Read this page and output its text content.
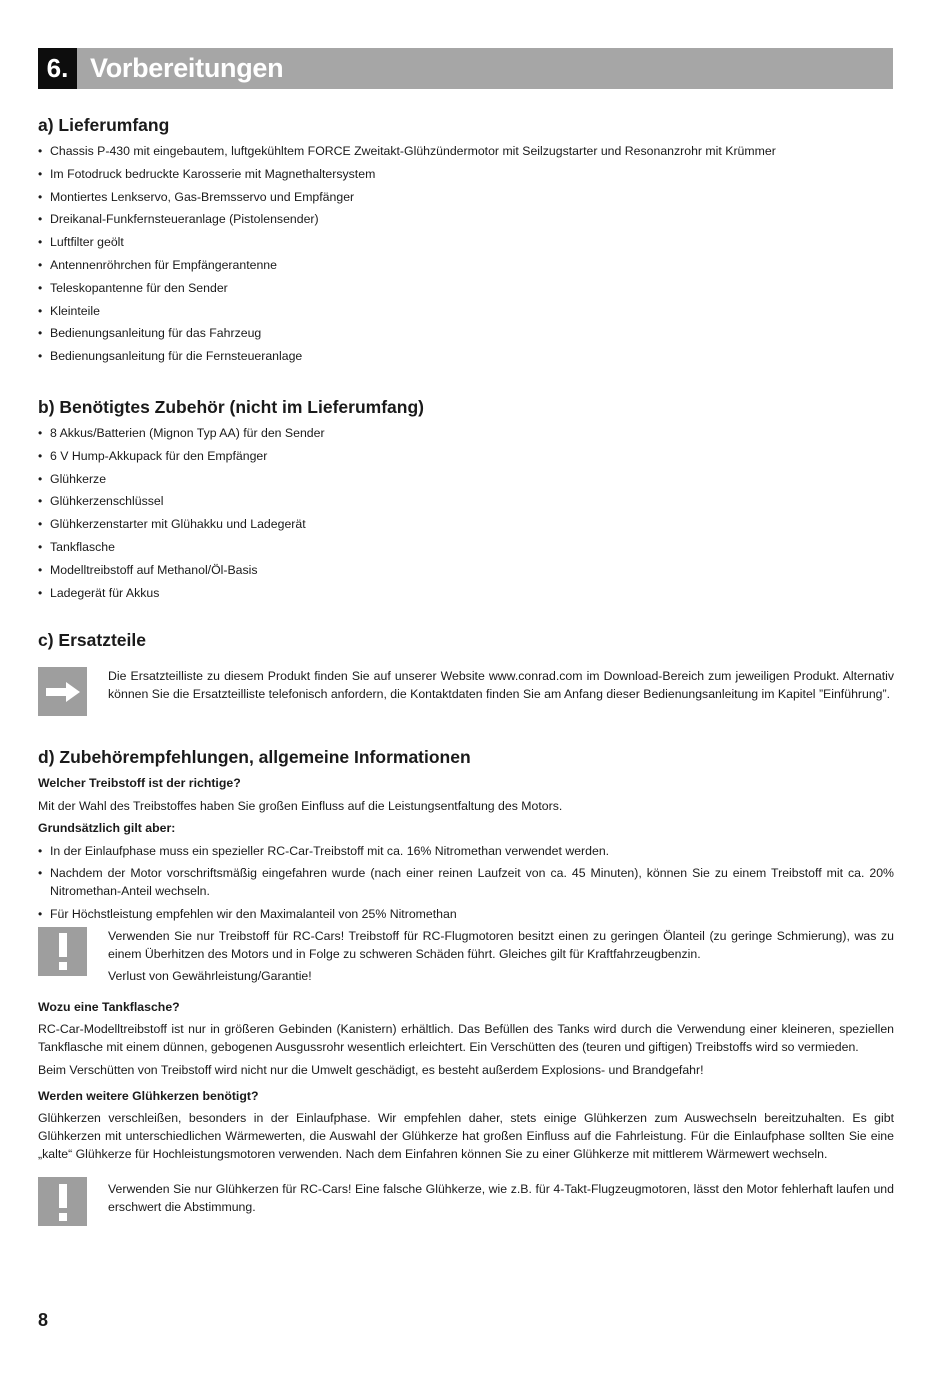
6. Vorbereitungen
a) Lieferumfang
• Chassis P-430 mit eingebautem, luftgekühltem FORCE Zweitakt-Glühzündermotor mit Seilzugstarter und Resonanzrohr mit Krümmer
• Im Fotodruck bedruckte Karosserie mit Magnethaltersystem
• Montiertes Lenkservo, Gas-Bremsservo und Empfänger
• Dreikanal-Funkfernsteueranlage (Pistolensender)
• Luftfilter geölt
• Antennenröhrchen für Empfängerantenne
• Teleskopantenne für den Sender
• Kleinteile
• Bedienungsanleitung für das Fahrzeug
• Bedienungsanleitung für die Fernsteueranlage
b) Benötigtes Zubehör (nicht im Lieferumfang)
• 8 Akkus/Batterien (Mignon Typ AA) für den Sender
• 6 V Hump-Akkupack für den Empfänger
• Glühkerze
• Glühkerzenschlüssel
• Glühkerzenstarter mit Glühakku und Ladegerät
• Tankflasche
• Modelltreibstoff auf Methanol/Öl-Basis
• Ladegerät für Akkus
c) Ersatzteile

Die Ersatzteilliste zu diesem Produkt finden Sie auf unserer Website www.conrad.com im Download-Bereich zum jeweiligen Produkt. Alternativ können Sie die Ersatzteilliste telefonisch anfordern, die Kontaktdaten finden Sie am Anfang dieser Bedienungsanleitung im Kapitel ”Einführung”.

d) Zubehörempfehlungen, allgemeine Informationen

Welcher Treibstoff ist der richtige?

Mit der Wahl des Treibstoffes haben Sie großen Einfluss auf die Leistungsentfaltung des Motors.

Grundsätzlich gilt aber:

• In der Einlaufphase muss ein spezieller RC-Car-Treibstoff mit ca. 16% Nitromethan verwendet werden.
• Nachdem der Motor vorschriftsmäßig eingefahren wurde (nach einer reinen Laufzeit von ca. 45 Minuten), können Sie zu einem Treibstoff mit ca. 20% Nitromethan-Anteil wechseln.
• Für Höchstleistung empfehlen wir den Maximalanteil von 25% Nitromethan

Verwenden Sie nur Treibstoff für RC-Cars! Treibstoff für RC-Flugmotoren besitzt einen zu geringen Ölanteil (zu geringe Schmierung), was zu einem Überhitzen des Motors und in Folge zu schweren Schäden führt. Gleiches gilt für Kraftfahrzeugbenzin.

Verlust von Gewährleistung/Garantie!

Wozu eine Tankflasche?

RC-Car-Modelltreibstoff ist nur in größeren Gebinden (Kanistern) erhältlich. Das Befüllen des Tanks wird durch die Verwendung einer kleineren, speziellen Tankflasche mit einem dünnen, gebogenen Ausgussrohr wesentlich erleichtert. Ein Verschütten des (teuren und giftigen) Treibstoffs wird so vermieden.

Beim Verschütten von Treibstoff wird nicht nur die Umwelt geschädigt, es besteht außerdem Explosions- und Brandgefahr!

Werden weitere Glühkerzen benötigt?

Glühkerzen verschleißen, besonders in der Einlaufphase. Wir empfehlen daher, stets einige Glühkerzen zum Auswechseln bereitzuhalten. Es gibt Glühkerzen mit unterschiedlichen Wärmewerten, die Auswahl der Glühkerze hat großen Einfluss auf die Fahrleistung. Für die Einlaufphase sollten Sie eine „kalte“ Glühkerze für Hochleistungsmotoren verwenden. Nach dem Einfahren können Sie zu einer Glühkerze mit mittlerem Wärmewert wechseln.

Verwenden Sie nur Glühkerzen für RC-Cars! Eine falsche Glühkerze, wie z.B. für 4-Takt-Flugzeugmotoren, lässt den Motor fehlerhaft laufen und erschwert die Abstimmung.

8
